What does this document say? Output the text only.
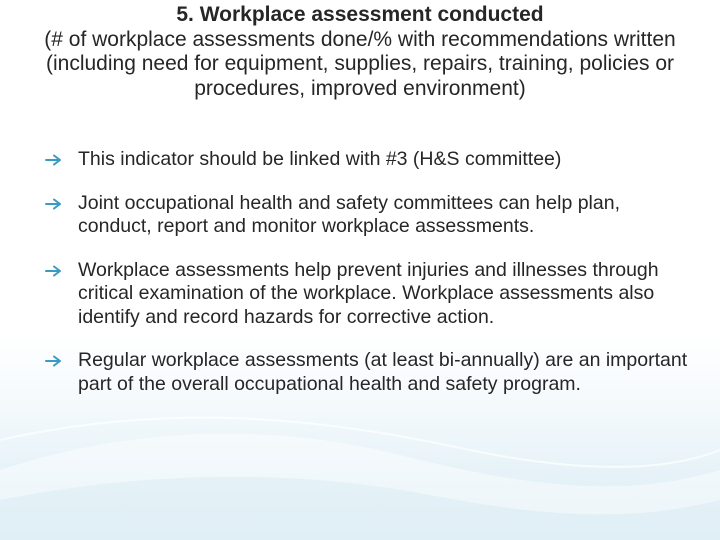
5. Workplace assessment conducted
(# of workplace assessments done/% with recommendations written (including need for equipment, supplies, repairs, training, policies or procedures, improved environment)
This indicator should be linked with #3 (H&S committee)
Joint occupational health and safety committees can help plan, conduct, report and monitor workplace assessments.
Workplace assessments help prevent injuries and illnesses through critical examination of the workplace. Workplace assessments also identify and record hazards for corrective action.
Regular workplace assessments (at least bi-annually) are an important part of the overall occupational health and safety program.
